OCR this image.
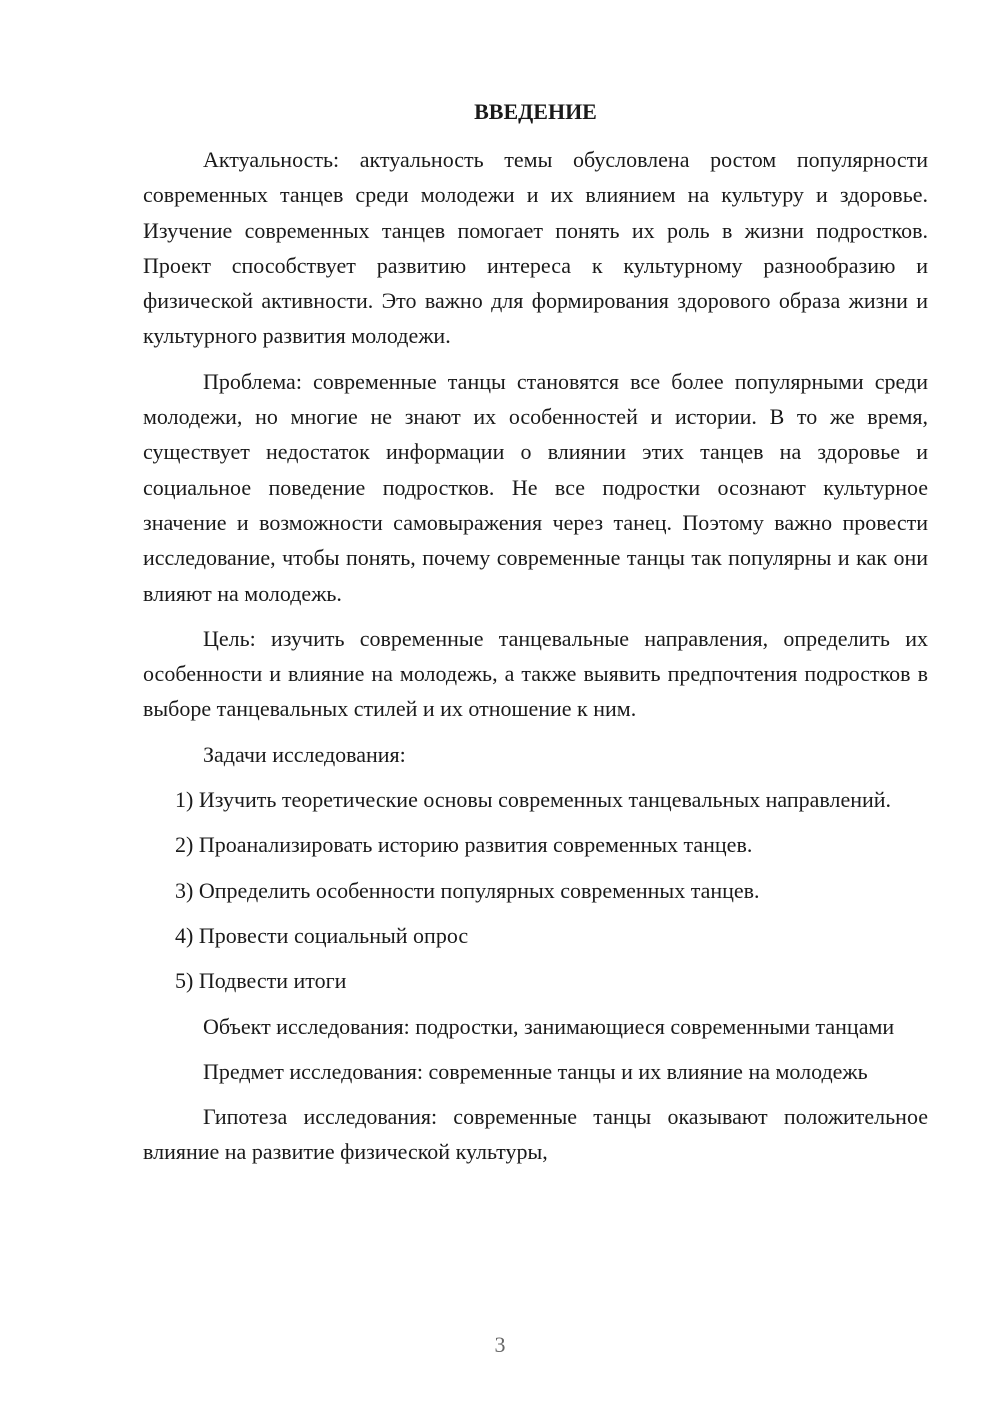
ВВЕДЕНИЕ

Актуальность: актуальность темы обусловлена ростом популярности современных танцев среди молодежи и их влиянием на культуру и здоровье. Изучение современных танцев помогает понять их роль в жизни подростков. Проект способствует развитию интереса к культурному разнообразию и физической активности. Это важно для формирования здорового образа жизни и культурного развития молодежи.

Проблема: современные танцы становятся все более популярными среди молодежи, но многие не знают их особенностей и истории. В то же время, существует недостаток информации о влиянии этих танцев на здоровье и социальное поведение подростков. Не все подростки осознают культурное значение и возможности самовыражения через танец. Поэтому важно провести исследование, чтобы понять, почему современные танцы так популярны и как они влияют на молодежь.

Цель: изучить современные танцевальные направления, определить их особенности и влияние на молодежь, а также выявить предпочтения подростков в выборе танцевальных стилей и их отношение к ним.

Задачи исследования:

1) Изучить теоретические основы современных танцевальных направлений.

2) Проанализировать историю развития современных танцев.

3) Определить особенности популярных современных танцев.

4) Провести социальный опрос

5) Подвести итоги

Объект исследования: подростки, занимающиеся современными танцами

Предмет исследования: современные танцы и их влияние на молодежь

Гипотеза исследования: современные танцы оказывают положительное влияние на развитие физической культуры,

3
